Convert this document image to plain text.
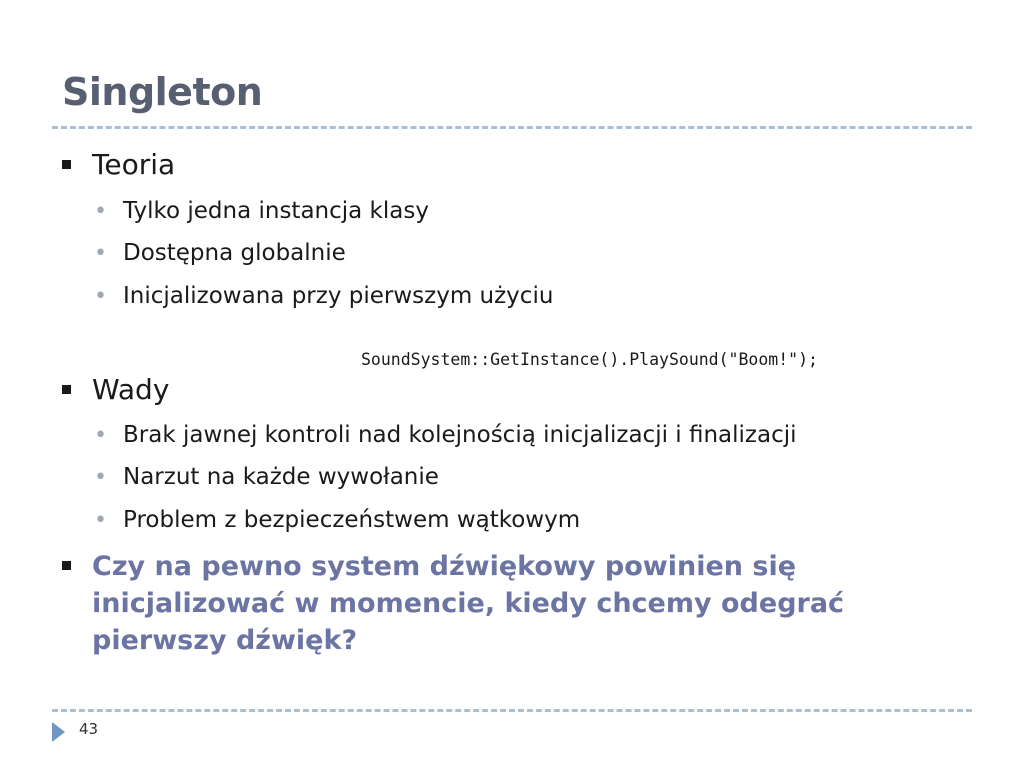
Singleton
Teoria
•
Tylko jedna instancja klasy
•
Dostępna globalnie
•
Inicjalizowana przy pierwszym użyciu
SoundSystem::GetInstance().PlaySound("Boom!");
Wady
•
Brak jawnej kontroli nad kolejnością inicjalizacji i finalizacji
•
Narzut na każde wywołanie
•
Problem z bezpieczeństwem wątkowym
Czy na pewno system dźwiękowy powinien się inicjalizować w momencie, kiedy chcemy odegrać pierwszy dźwięk?
43
